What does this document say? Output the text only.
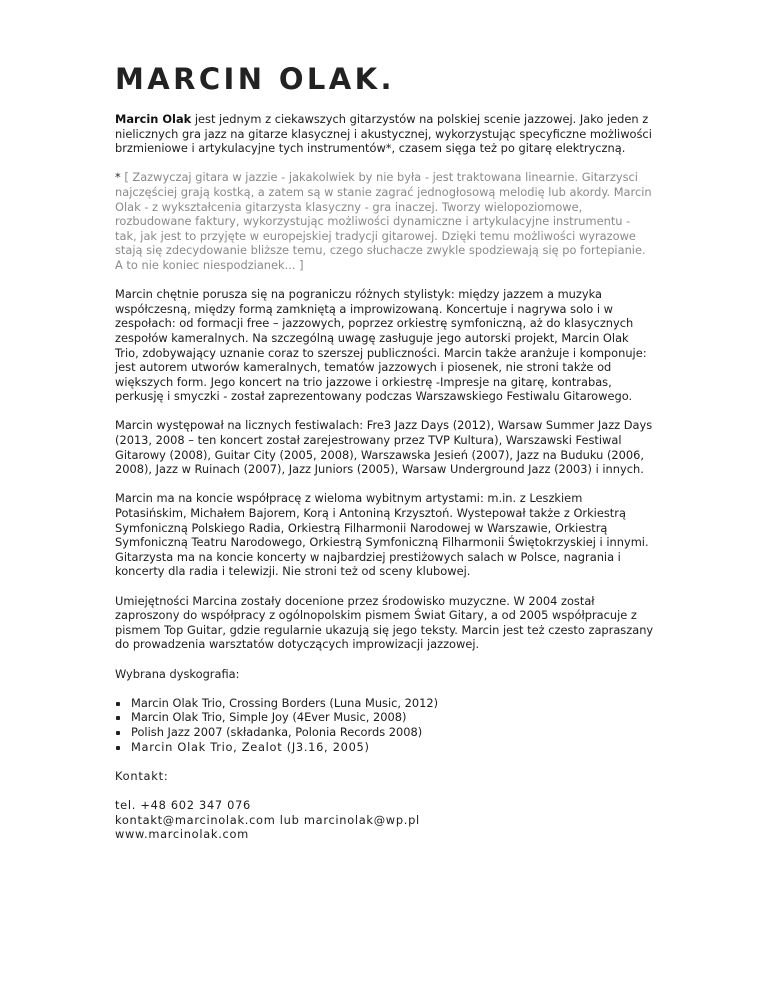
MARCIN OLAK.

Marcin Olak jest jednym z ciekawszych gitarzystów na polskiej scenie jazzowej. Jako jeden z nielicznych gra jazz na gitarze klasycznej i akustycznej, wykorzystując specyficzne możliwości brzmieniowe i artykulacyjne tych instrumentów*, czasem sięga też po gitarę elektryczną.

* [ Zazwyczaj gitara w jazzie - jakakolwiek by nie była - jest traktowana linearnie. Gitarzysci najczęściej grają kostką, a zatem są w stanie zagrać jednogłosową melodię lub akordy. Marcin Olak - z wykształcenia gitarzysta klasyczny - gra inaczej. Tworzy wielopoziomowe, rozbudowane faktury, wykorzystując możliwości dynamiczne i artykulacyjne instrumentu - tak, jak jest to przyjęte w europejskiej tradycji gitarowej. Dzięki temu możliwości wyrazowe stają się zdecydowanie bliższe temu, czego słuchacze zwykle spodziewają się po fortepianie. A to nie koniec niespodzianek... ]

Marcin chętnie porusza się na pograniczu różnych stylistyk: między jazzem a muzyka współczesną, między formą zamkniętą a improwizowaną. Koncertuje i nagrywa solo i w zespołach: od formacji free – jazzowych, poprzez orkiestrę symfoniczną, aż do klasycznych zespołów kameralnych. Na szczególną uwagę zasługuje jego autorski projekt, Marcin Olak Trio, zdobywający uznanie coraz to szerszej publiczności. Marcin także aranżuje i komponuje: jest autorem utworów kameralnych, tematów jazzowych i piosenek, nie stroni także od większych form. Jego koncert na trio jazzowe i orkiestrę -Impresje na gitarę, kontrabas, perkusję i smyczki - został zaprezentowany podczas Warszawskiego Festiwalu Gitarowego.

Marcin występował na licznych festiwalach: Fre3 Jazz Days (2012), Warsaw Summer Jazz Days (2013, 2008 – ten koncert został zarejestrowany przez TVP Kultura), Warszawski Festiwal Gitarowy (2008), Guitar City (2005, 2008), Warszawska Jesień (2007), Jazz na Buduku (2006, 2008), Jazz w Ruinach (2007), Jazz Juniors (2005), Warsaw Underground Jazz (2003) i innych.

Marcin ma na koncie współpracę z wieloma wybitnym artystami: m.in. z Leszkiem Potasińskim, Michałem Bajorem, Korą i Antoniną Krzysztoń. Wystepował także z Orkiestrą Symfoniczną Polskiego Radia, Orkiestrą Filharmonii Narodowej w Warszawie, Orkiestrą Symfoniczną Teatru Narodowego, Orkiestrą Symfoniczną Filharmonii Świętokrzyskiej i innymi. Gitarzysta ma na koncie koncerty w najbardziej prestiżowych salach w Polsce, nagrania i koncerty dla radia i telewizji. Nie stroni też od sceny klubowej.

Umiejętności Marcina zostały docenione przez środowisko muzyczne. W 2004 został zaproszony do współpracy z ogólnopolskim pismem Świat Gitary, a od 2005 współpracuje z pismem Top Guitar, gdzie regularnie ukazują się jego teksty. Marcin jest też czesto zapraszany do prowadzenia warsztatów dotyczących improwizacji jazzowej.

Wybrana dyskografia:

Marcin Olak Trio, Crossing Borders (Luna Music, 2012)
Marcin Olak Trio, Simple Joy (4Ever Music, 2008)
Polish Jazz 2007 (składanka, Polonia Records 2008)
Marcin Olak Trio, Zealot (J3.16, 2005)

Kontakt:

tel. +48 602 347 076
kontakt@marcinolak.com lub marcinolak@wp.pl
www.marcinolak.com
